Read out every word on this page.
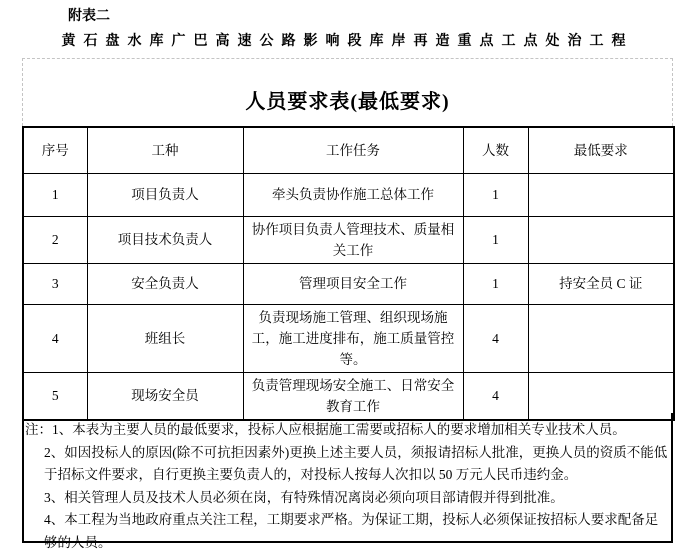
附表二
黄石盘水库广巴高速公路影响段库岸再造重点工点处治工程
人员要求表(最低要求)
序号	工种	工作任务	人数	最低要求
1	项目负责人	牵头负责协作施工总体工作	1	
2	项目技术负责人	协作项目负责人管理技术、质量相关工作	1	
3	安全负责人	管理项目安全工作	1	持安全员 C 证
4	班组长	负责现场施工管理、组织现场施工，施工进度排布，施工质量管控等。	4	
5	现场安全员	负责管理现场安全施工、日常安全教育工作	4	
注：1、本表为主要人员的最低要求，投标人应根据施工需要或招标人的要求增加相关专业技术人员。
2、如因投标人的原因(除不可抗拒因素外)更换上述主要人员，须报请招标人批准，更换人员的资质不能低于招标文件要求，自行更换主要负责人的，对投标人按每人次扣以 50 万元人民币违约金。
3、相关管理人员及技术人员必须在岗，有特殊情况离岗必须向项目部请假并得到批准。
4、本工程为当地政府重点关注工程，工期要求严格。为保证工期，投标人必须保证按招标人要求配备足够的人员。
